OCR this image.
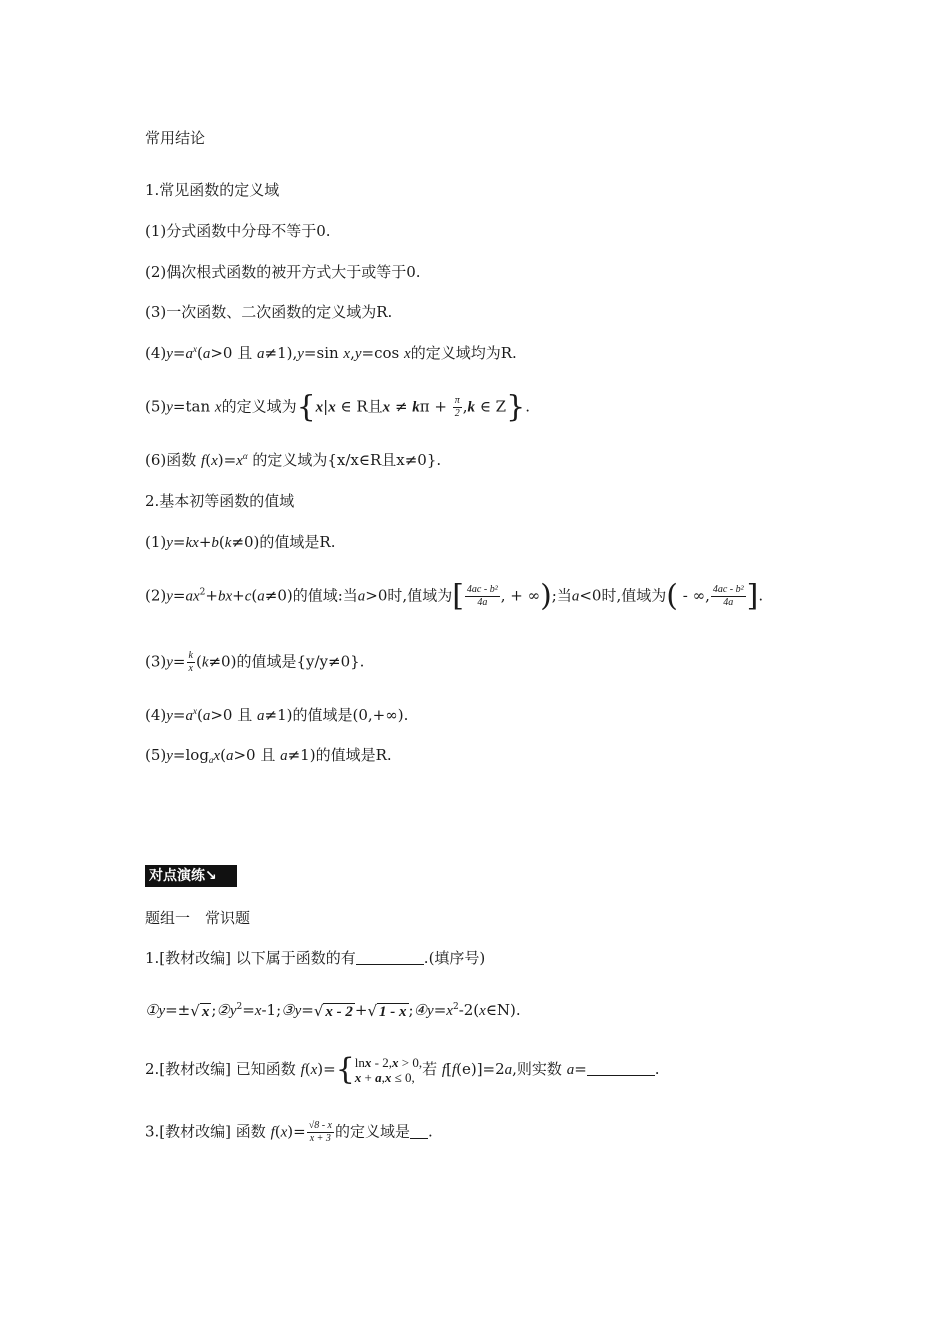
常用结论
1.常见函数的定义域
(1)分式函数中分母不等于0.
(2)偶次根式函数的被开方式大于或等于0.
(3)一次函数、二次函数的定义域为R.
$(4)y=a^x(a>0$ 且 a≠1),y=sin x,y=cos x的定义域均为R.
(5)y=tan x的定义域为{x|x ∈ R且$x \ne k\pi + \frac{\pi}{2} ,k$ ∈ Z}.
(6)函数 $f(x)=x^\alpha$ 的定义域为{x/x∈R且x≠0}.
2.基本初等函数的值域
(1)y=kx+b(k≠0)的值域是R.
$(2)y=ax^2+bx+c(a\ne 0)$的值域:当a>0时,值域为[ $\frac{\text{4ac - b²}}{4a}$ , + ∞);当a<0时,值域为( - ∞, $\frac{\text{4ac - b²}}{4a}$ ].
$(3)y= \frac{k}{x} (k\ne 0)$的值域是{y/y≠0}.
$(4)y=a^x(a>0$ 且 a≠1)的值域是(0,+∞).
$(5)y=\log_ax(a>0$ 且 a≠1)的值域是R.
对点演练↘
题组一　常识题
1.[教材改编] 以下属于函数的有	.(填序号)
①y=±√ x $;②y^2=x-1;③y=√$ x - 2 +√ 1 - x $;④y=x^2-2(x\in N)$.
2.[教材改编] 已知函数 f(x)={ lnx - 2,x > 0,
x + a,x ≤ 0, 若 f[f(e)]=2a,则实数 a=	.
3.[教材改编] 函数 $f(x)= \frac{√8 - x}{x + 3}$ 的定义域是 .
